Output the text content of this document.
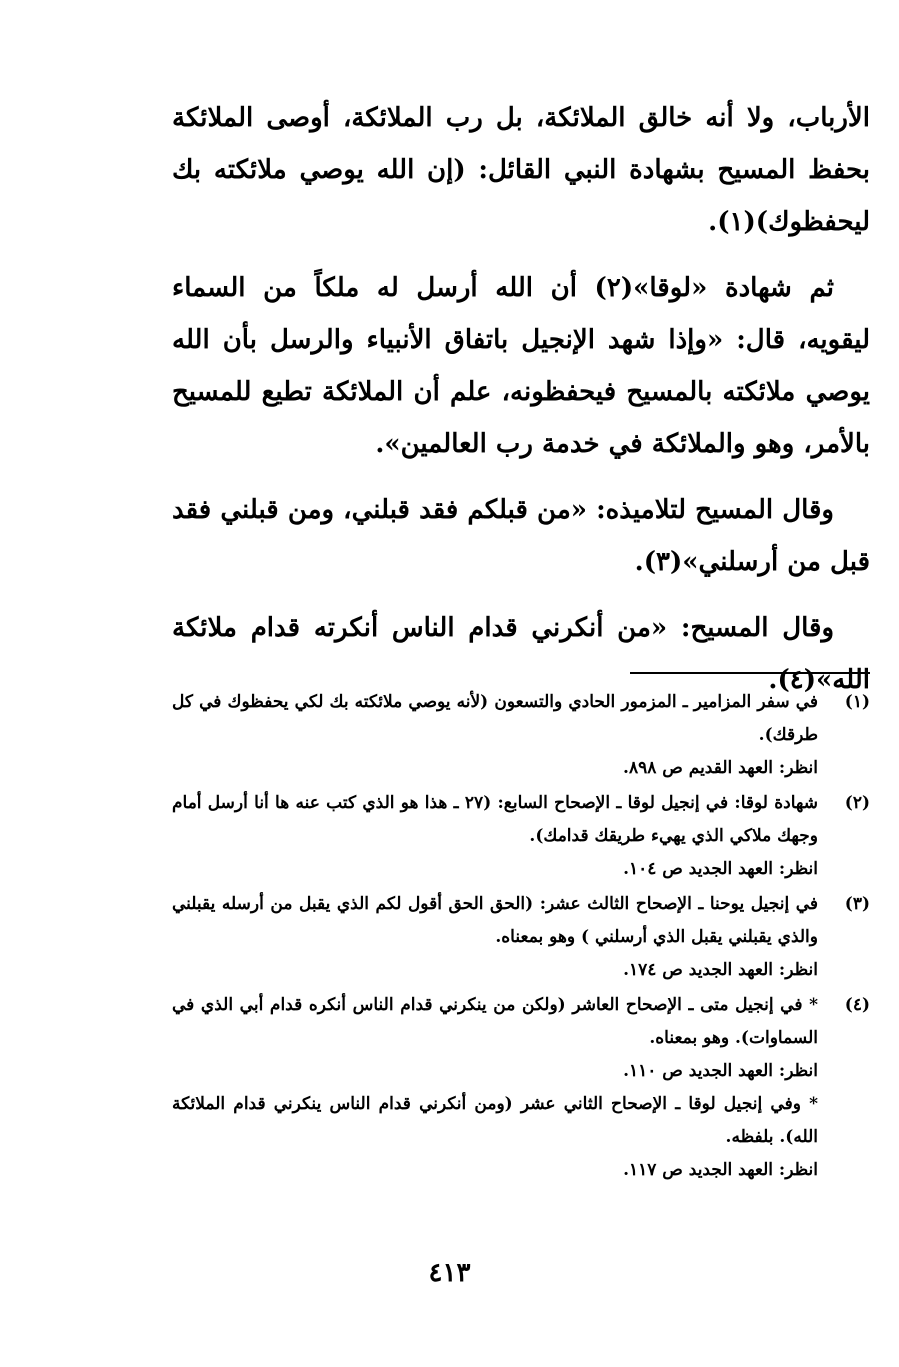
الأرباب، ولا أنه خالق الملائكة، بل رب الملائكة، أوصى الملائكة بحفظ المسيح بشهادة النبي القائل: (إن الله يوصي ملائكته بك ليحفظوك)(١).

ثم شهادة «لوقا»(٢) أن الله أرسل له ملكاً من السماء ليقويه، قال: «وإذا شهد الإنجيل باتفاق الأنبياء والرسل بأن الله يوصي ملائكته بالمسيح فيحفظونه، علم أن الملائكة تطيع للمسيح بالأمر، وهو والملائكة في خدمة رب العالمين».

وقال المسيح لتلاميذه: «من قبلكم فقد قبلني، ومن قبلني فقد قبل من أرسلني»(٣).

وقال المسيح: «من أنكرني قدام الناس أنكرته قدام ملائكة الله»(٤).

(١)
في سفر المزامير ـ المزمور الحادي والتسعون (لأنه يوصي ملائكته بك لكي يحفظوك في كل طرقك).
انظر: العهد القديم ص ٨٩٨.
(٢)
شهادة لوقا: في إنجيل لوقا ـ الإصحاح السابع: (٢٧ ـ هذا هو الذي كتب عنه ها أنا أرسل أمام وجهك ملاكي الذي يهيء طريقك قدامك).
انظر: العهد الجديد ص ١٠٤.
(٣)
في إنجيل يوحنا ـ الإصحاح الثالث عشر: (الحق الحق أقول لكم الذي يقبل من أرسله يقبلني والذي يقبلني يقبل الذي أرسلني ) وهو بمعناه.
انظر: العهد الجديد ص ١٧٤.
(٤)
* في إنجيل متى ـ الإصحاح العاشر (ولكن من ينكرني قدام الناس أنكره قدام أبي الذي في السماوات). وهو بمعناه.
انظر: العهد الجديد ص ١١٠.
* وفي إنجيل لوقا ـ الإصحاح الثاني عشر (ومن أنكرني قدام الناس ينكرني قدام الملائكة الله). بلفظه.
انظر: العهد الجديد ص ١١٧.
٤١٣
